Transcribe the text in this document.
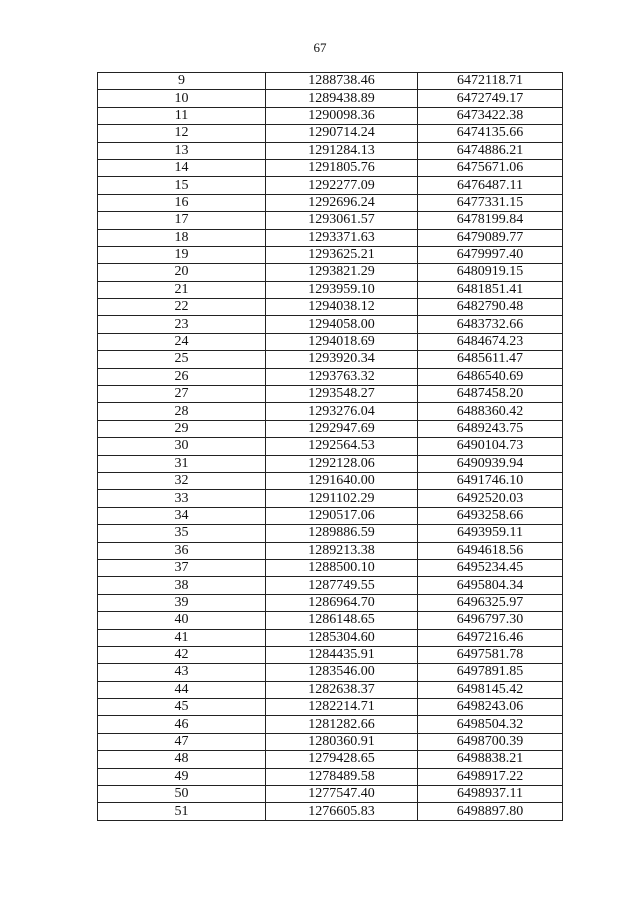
67
9	1288738.46	6472118.71
10	1289438.89	6472749.17
11	1290098.36	6473422.38
12	1290714.24	6474135.66
13	1291284.13	6474886.21
14	1291805.76	6475671.06
15	1292277.09	6476487.11
16	1292696.24	6477331.15
17	1293061.57	6478199.84
18	1293371.63	6479089.77
19	1293625.21	6479997.40
20	1293821.29	6480919.15
21	1293959.10	6481851.41
22	1294038.12	6482790.48
23	1294058.00	6483732.66
24	1294018.69	6484674.23
25	1293920.34	6485611.47
26	1293763.32	6486540.69
27	1293548.27	6487458.20
28	1293276.04	6488360.42
29	1292947.69	6489243.75
30	1292564.53	6490104.73
31	1292128.06	6490939.94
32	1291640.00	6491746.10
33	1291102.29	6492520.03
34	1290517.06	6493258.66
35	1289886.59	6493959.11
36	1289213.38	6494618.56
37	1288500.10	6495234.45
38	1287749.55	6495804.34
39	1286964.70	6496325.97
40	1286148.65	6496797.30
41	1285304.60	6497216.46
42	1284435.91	6497581.78
43	1283546.00	6497891.85
44	1282638.37	6498145.42
45	1282214.71	6498243.06
46	1281282.66	6498504.32
47	1280360.91	6498700.39
48	1279428.65	6498838.21
49	1278489.58	6498917.22
50	1277547.40	6498937.11
51	1276605.83	6498897.80
